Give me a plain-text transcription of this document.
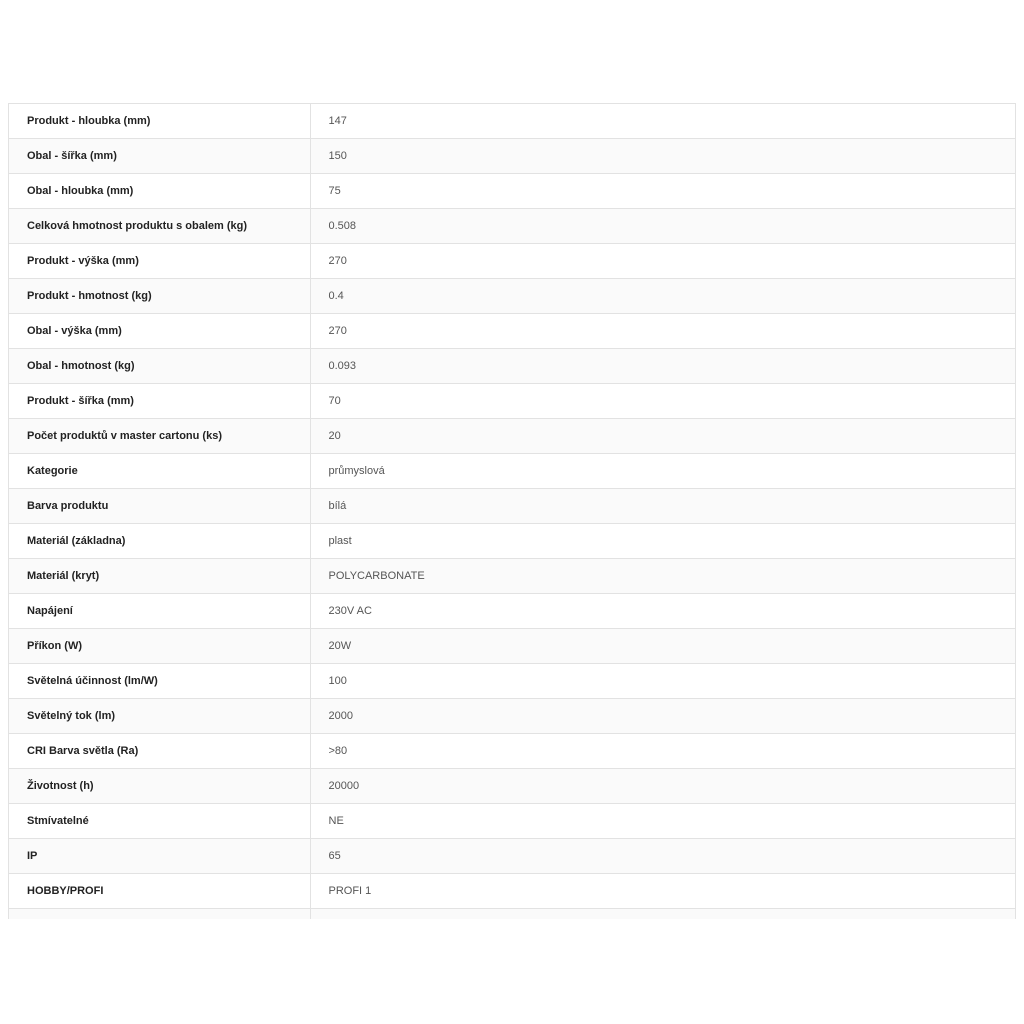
Produkt - hloubka (mm)	147
Obal - šířka (mm)	150
Obal - hloubka (mm)	75
Celková hmotnost produktu s obalem (kg)	0.508
Produkt - výška (mm)	270
Produkt - hmotnost (kg)	0.4
Obal - výška (mm)	270
Obal - hmotnost (kg)	0.093
Produkt - šířka (mm)	70
Počet produktů v master cartonu (ks)	20
Kategorie	průmyslová
Barva produktu	bílá
Materiál (základna)	plast
Materiál (kryt)	POLYCARBONATE
Napájení	230V AC
Příkon (W)	20W
Světelná účinnost (lm/W)	100
Světelný tok (lm)	2000
CRI Barva světla (Ra)	>80
Životnost (h)	20000
Stmívatelné	NE
IP	65
HOBBY/PROFI	PROFI 1
